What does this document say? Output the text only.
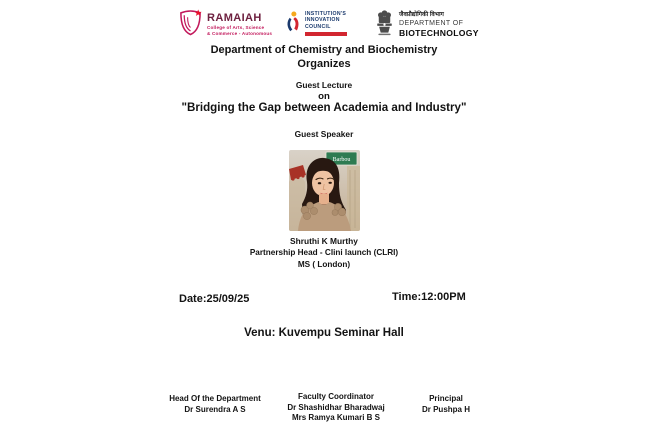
RAMAIAH
College of Arts, Science
& Commerce - Autonomous
INSTITUTION'S
INNOVATION
COUNCIL
जैवप्रौद्योगिकी विभाग
DEPARTMENT OF
BIOTECHNOLOGY
Department of Chemistry and Biochemistry
Organizes
Guest Lecture
on
"Bridging the Gap between Academia and Industry"
Guest Speaker
Barbou
Shruthi K Murthy
Partnership Head - Clini launch (CLRI)
MS ( London)
Date:25/09/25	Time:12:00PM
Venu: Kuvempu Seminar Hall
Head Of the Department
Dr Surendra A S
Faculty Coordinator
Dr Shashidhar Bharadwaj
Mrs Ramya Kumari B S
Principal
Dr Pushpa H
